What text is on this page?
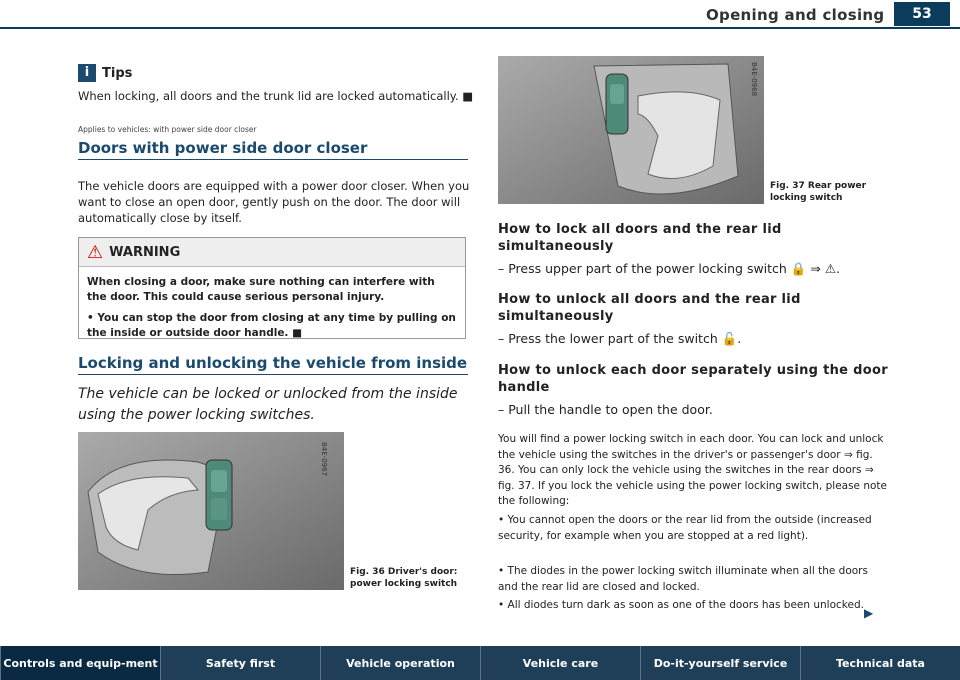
Opening and closing	53
i Tips
When locking, all doors and the trunk lid are locked automatically. ■
Applies to vehicles: with power side door closer
Doors with power side door closer
The vehicle doors are equipped with a power door closer. When you want to close an open door, gently push on the door. The door will automatically close by itself.
⚠ WARNING
When closing a door, make sure nothing can interfere with the door. This could cause serious personal injury.
• You can stop the door from closing at any time by pulling on the inside or outside door handle. ■
Locking and unlocking the vehicle from inside
The vehicle can be locked or unlocked from the inside using the power locking switches.
B4E-0967
Fig. 36 Driver's door:
power locking switch
B4E-0968
Fig. 37 Rear power
locking switch
How to lock all doors and the rear lid simultaneously
– Press upper part of the power locking switch 🔒 ⇒ ⚠.
How to unlock all doors and the rear lid simultaneously
– Press the lower part of the switch 🔓.
How to unlock each door separately using the door handle
– Pull the handle to open the door.
You will find a power locking switch in each door. You can lock and unlock the vehicle using the switches in the driver's or passenger's door ⇒ fig. 36. You can only lock the vehicle using the switches in the rear doors ⇒ fig. 37. If you lock the vehicle using the power locking switch, please note the following:
• You cannot open the doors or the rear lid from the outside (increased security, for example when you are stopped at a red light).
• The diodes in the power locking switch illuminate when all the doors and the rear lid are closed and locked.
• All diodes turn dark as soon as one of the doors has been unlocked.
▶
Controls and equip-ment	Safety first	Vehicle operation	Vehicle care	Do-it-yourself service	Technical data
